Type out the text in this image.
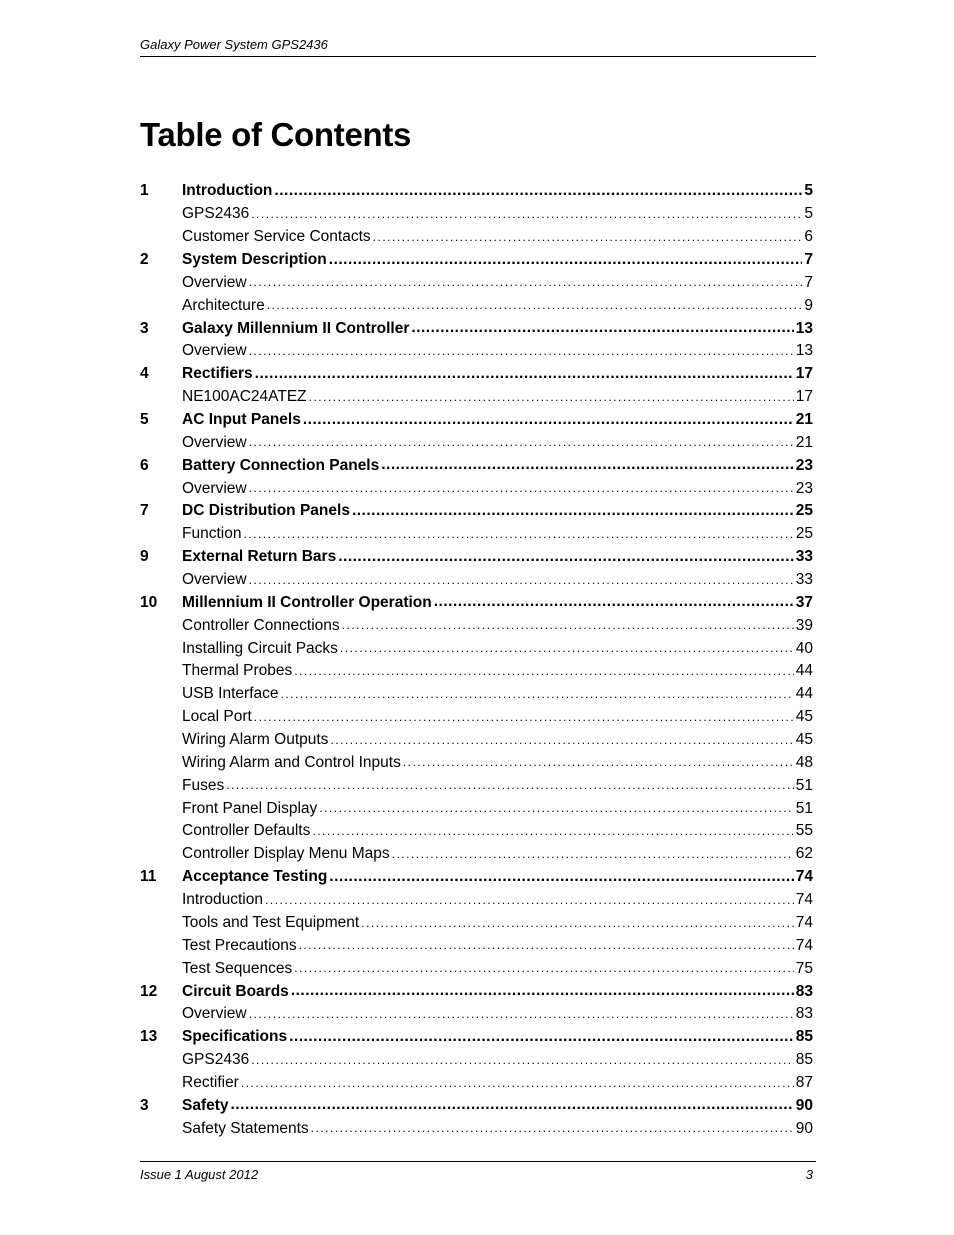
Galaxy Power System GPS2436
Table of Contents
1	Introduction .....	5
GPS2436 .....	5
Customer Service Contacts .....	6
2	System Description .....	7
Overview .....	7
Architecture .....	9
3	Galaxy Millennium II Controller .....	13
Overview .....	13
4	Rectifiers .....	17
NE100AC24ATEZ .....	17
5	AC Input Panels .....	21
Overview .....	21
6	Battery Connection Panels .....	23
Overview .....	23
7	DC Distribution Panels .....	25
Function .....	25
9	External Return Bars .....	33
Overview .....	33
10	Millennium II Controller Operation .....	37
Controller Connections .....	39
Installing Circuit Packs .....	40
Thermal Probes .....	44
USB Interface .....	44
Local Port .....	45
Wiring Alarm Outputs .....	45
Wiring Alarm and Control Inputs .....	48
Fuses .....	51
Front Panel Display .....	51
Controller Defaults .....	55
Controller Display Menu Maps .....	62
11	Acceptance Testing .....	74
Introduction .....	74
Tools and Test Equipment .....	74
Test Precautions .....	74
Test Sequences .....	75
12	Circuit Boards .....	83
Overview .....	83
13	Specifications .....	85
GPS2436 .....	85
Rectifier .....	87
3	Safety .....	90
Safety Statements .....	90
Issue 1 August 2012	3
